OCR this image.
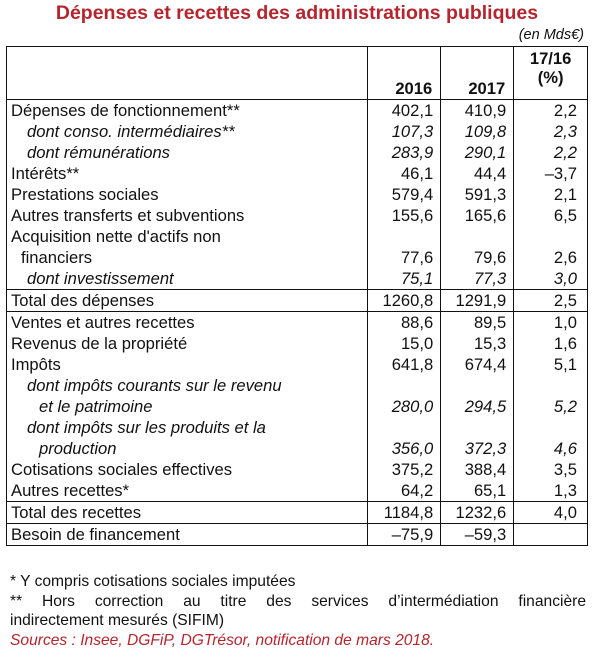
Dépenses et recettes des administrations publiques
(en Mds€)
	2016	2017	17/16
(%)

Dépenses de fonctionnement**	402,1	410,9	2,2

dont conso. intermédiaires**	107,3	109,8	2,3

dont rémunérations	283,9	290,1	2,2

Intérêts**	46,1	44,4	–3,7

Prestations sociales	579,4	591,3	2,1

Autres transferts et subventions	155,6	165,6	6,5

Acquisition nette d'actifs non
financiers	77,6	79,6	2,6

dont investissement	75,1	77,3	3,0

Total des dépenses	1260,8	1291,9	2,5

Ventes et autres recettes	88,6	89,5	1,0

Revenus de la propriété	15,0	15,3	1,6

Impôts	641,8	674,4	5,1

dont impôts courants sur le revenu
et le patrimoine	280,0	294,5	5,2

dont impôts sur les produits et la
production	356,0	372,3	4,6

Cotisations sociales effectives	375,2	388,4	3,5

Autres recettes*	64,2	65,1	1,3

Total des recettes	1184,8	1232,6	4,0

Besoin de financement	–75,9	–59,3	
* Y compris cotisations sociales imputées
** Hors correction au titre des services d’intermédiation financière
indirectement mesurés (SIFIM)
Sources : Insee, DGFiP, DGTrésor, notification de mars 2018.
